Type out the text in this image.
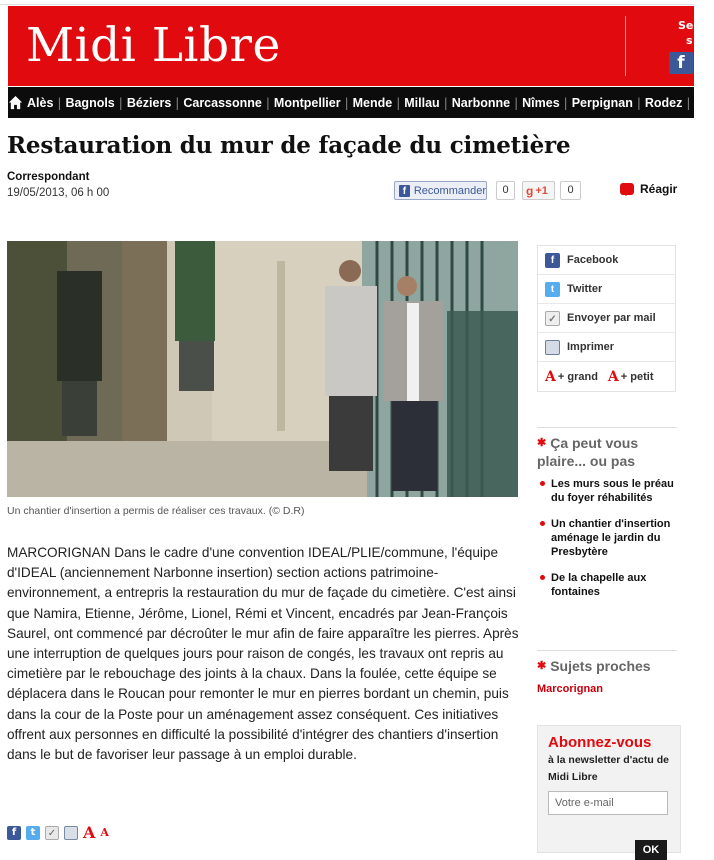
Midi Libre	Se
s
f
Alès | Bagnols | Béziers | Carcassonne | Montpellier | Mende | Millau | Narbonne | Nîmes | Perpignan | Rodez | Sè
Restauration du mur de façade du cimetière
Correspondant
19/05/2013, 06 h 00	f Recommander	0	g +1	0	Réagir
Un chantier d'insertion a permis de réaliser ces travaux. (© D.R)
MARCORIGNAN Dans le cadre d'une convention IDEAL/PLIE/commune, l'équipe d'IDEAL (anciennement Narbonne insertion) section actions patrimoine-environnement, a entrepris la restauration du mur de façade du cimetière. C'est ainsi que Namira, Etienne, Jérôme, Lionel, Rémi et Vincent, encadrés par Jean-François Saurel, ont commencé par décroûter le mur afin de faire apparaître les pierres. Après une interruption de quelques jours pour raison de congés, les travaux ont repris au cimetière par le rebouchage des joints à la chaux. Dans la foulée, cette équipe se déplacera dans le Roucan pour remonter le mur en pierres bordant un chemin, puis dans la cour de la Poste pour un aménagement assez conséquent. Ces initiatives offrent aux personnes en difficulté la possibilité d'intégrer des chantiers d'insertion dans le but de favoriser leur passage à un emploi durable.
f	t	✓ A A
f	Facebook
t	Twitter
✓ Envoyer par mail
Imprimer
A + grand A + petit
✱ Ça peut vous plaire... ou pas
Les murs sous le préau du foyer réhabilités
Un chantier d'insertion aménage le jardin du Presbytère
De la chapelle aux fontaines
✱ Sujets proches
Marcorignan
Abonnez-vous
à la newsletter d'actu de
Midi Libre
Votre e-mail
OK
